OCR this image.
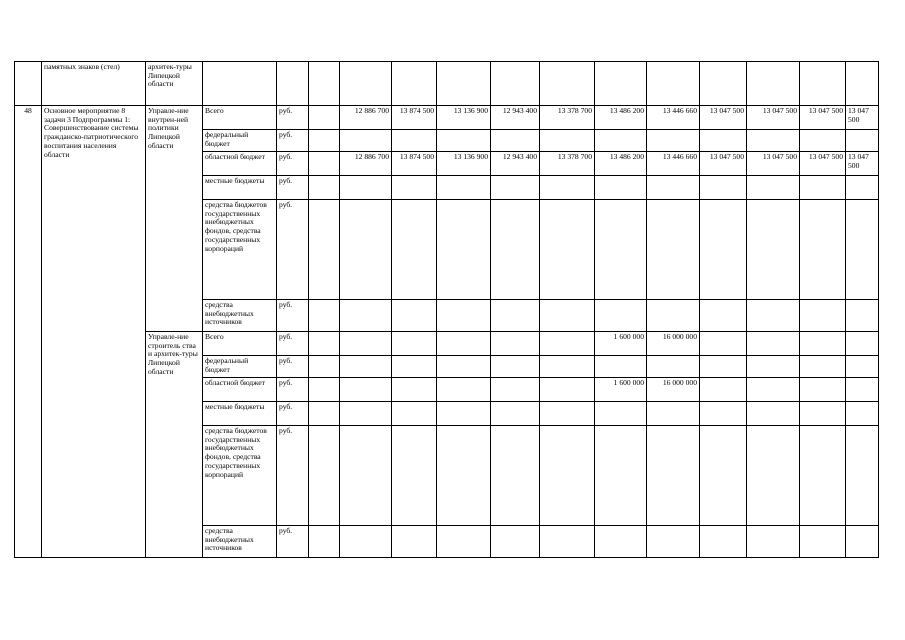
	памятных знаков (стел)	архитек-туры Липецкой области														
48	Основное мероприятие 8 задачи 3 Подпрограммы 1: Совершенствование системы гражданско-патриотического воспитания населения области	Управле-ние внутрен-ней политики Липецкой области	Всего	руб.		12 886 700	13 874 500	13 136 900	12 943 400	13 378 700	13 486 200	13 446 660	13 047 500	13 047 500	13 047 500	13 047 500
			федеральный бюджет	руб.												
			областной бюджет	руб.		12 886 700	13 874 500	13 136 900	12 943 400	13 378 700	13 486 200	13 446 660	13 047 500	13 047 500	13 047 500	13 047 500
			местные бюджеты	руб.												
			средства бюджетов государственных внебюджетных фондов, средства государственных корпораций	руб.												
			средства внебюджетных источников	руб.												
		Управле-ние строитель ства и архитек-туры Липецкой области	Всего	руб.							1 600 000	16 000 000				
			федеральный бюджет	руб.												
			областной бюджет	руб.							1 600 000	16 000 000				
			местные бюджеты	руб.												
			средства бюджетов государственных внебюджетных фондов, средства государственных корпораций	руб.												
			средства внебюджетных источников	руб.												
